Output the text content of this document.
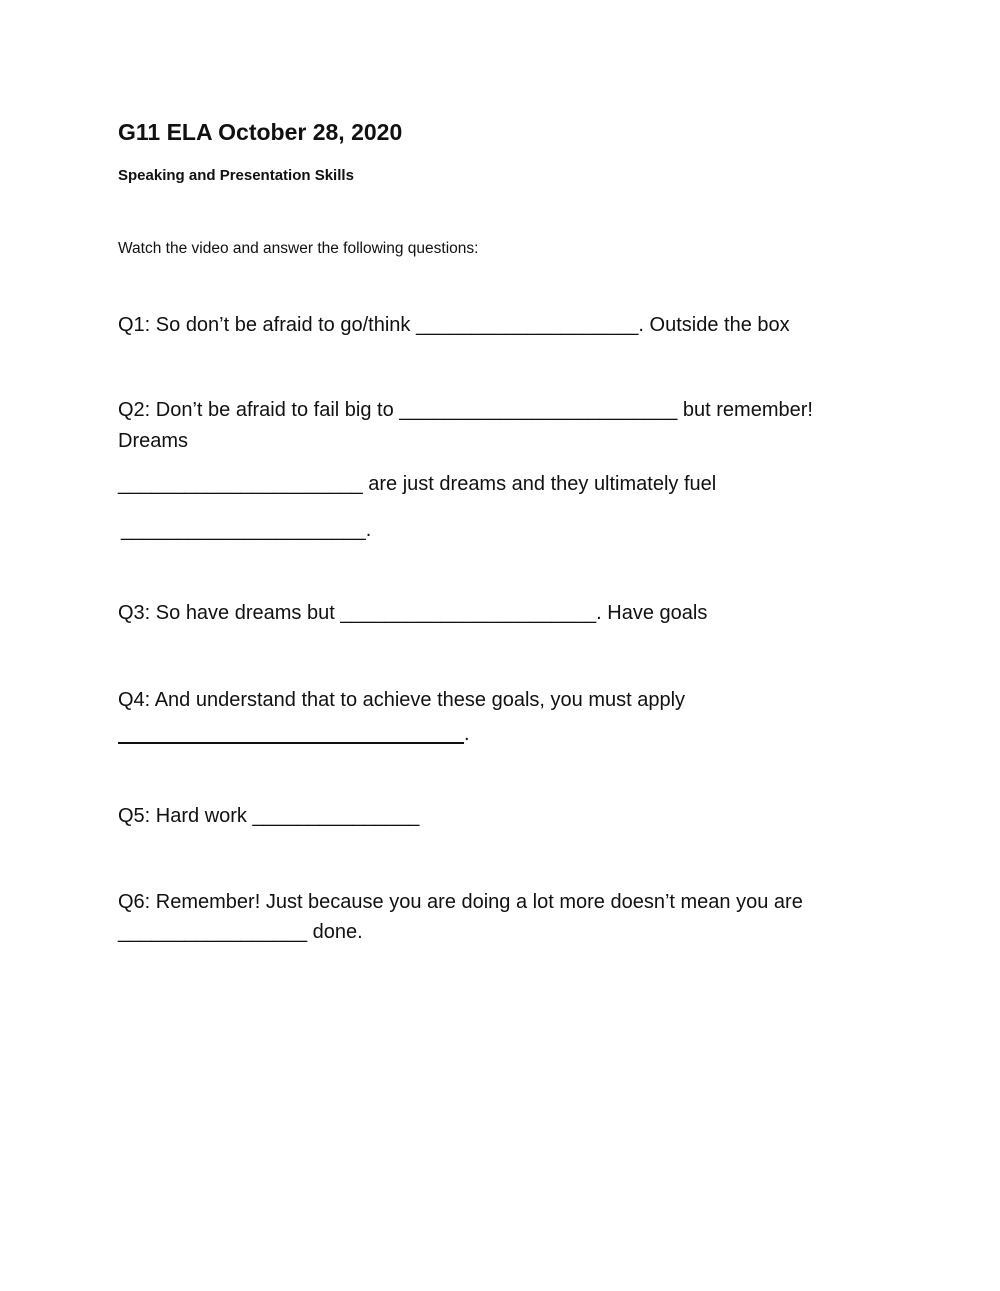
G11 ELA October 28, 2020

Speaking and Presentation Skills

Watch the video and answer the following questions:

Q1: So don’t be afraid to go/think ____________________. Outside the box

Q2: Don’t be afraid to fail big to _________________________ but remember!

Dreams

______________________ are just dreams and they ultimately fuel

______________________.

Q3: So have dreams but _______________________. Have goals

Q4: And understand that to achieve these goals, you must apply

.

Q5: Hard work _______________

Q6: Remember! Just because you are doing a lot more doesn’t mean you are

_________________ done.
